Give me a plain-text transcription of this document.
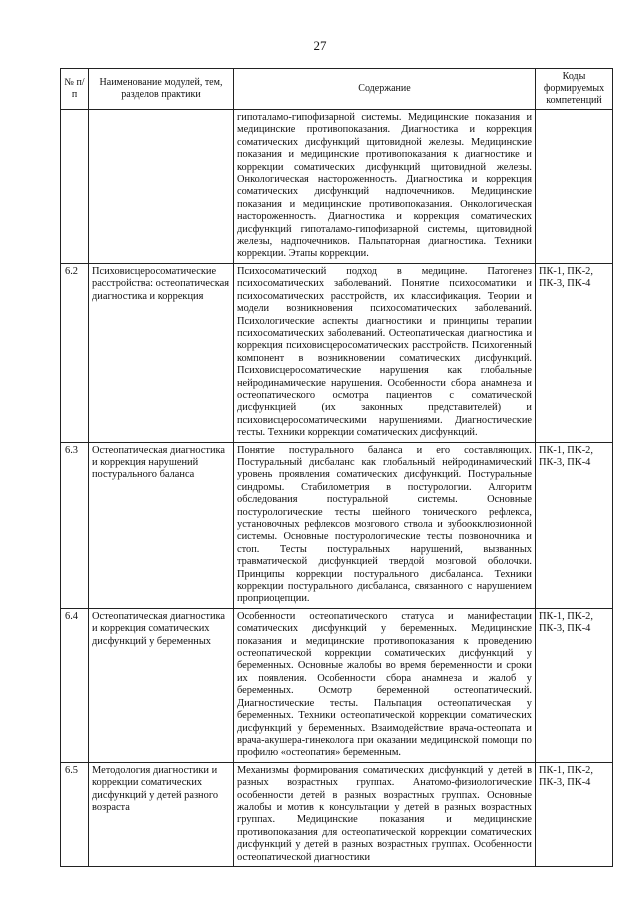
27
№ п/п	Наименование модулей, тем, разделов практики	Содержание	Коды формируемых компетенций
		гипоталамо-гипофизарной системы. Медицинские показания и медицинские противопоказания. Диагностика и коррекция соматических дисфункций щитовидной железы. Медицинские показания и медицинские противопоказания к диагностике и коррекции соматических дисфункций щитовидной железы. Онкологическая настороженность. Диагностика и коррекция соматических дисфункций надпочечников. Медицинские показания и медицинские противопоказания. Онкологическая настороженность. Диагностика и коррекция соматических дисфункций гипоталамо-гипофизарной системы, щитовидной железы, надпочечников. Пальпаторная диагностика. Техники коррекции. Этапы коррекции.	
6.2	Психовисцеросоматические расстройства: остеопатическая диагностика и коррекция	Психосоматический подход в медицине. Патогенез психосоматических заболеваний. Понятие психосоматики и психосоматических расстройств, их классификация. Теории и модели возникновения психосоматических заболеваний. Психологические аспекты диагностики и принципы терапии психосоматических заболеваний. Остеопатическая диагностика и коррекция психовисцеросоматических расстройств. Психогенный компонент в возникновении соматических дисфункций. Психовисцеросоматические нарушения как глобальные нейродинамические нарушения. Особенности сбора анамнеза и остеопатического осмотра пациентов с соматической дисфункцией (их законных представителей) и психовисцеросоматическими нарушениями. Диагностические тесты. Техники коррекции соматических дисфункций.	ПК-1, ПК-2, ПК-3, ПК-4
6.3	Остеопатическая диагностика и коррекция нарушений постурального баланса	Понятие постурального баланса и его составляющих. Постуральный дисбаланс как глобальный нейродинамический уровень проявления соматических дисфункций. Постуральные синдромы. Стабилометрия в постурологии. Алгоритм обследования постуральной системы. Основные постурологические тесты шейного тонического рефлекса, установочных рефлексов мозгового ствола и зубоокклюзионной системы. Основные постурологические тесты позвоночника и стоп. Тесты постуральных нарушений, вызванных травматической дисфункцией твердой мозговой оболочки. Принципы коррекции постурального дисбаланса. Техники коррекции постурального дисбаланса, связанного с нарушением проприоцепции.	ПК-1, ПК-2, ПК-3, ПК-4
6.4	Остеопатическая диагностика и коррекция соматических дисфункций у беременных	Особенности остеопатического статуса и манифестации соматических дисфункций у беременных. Медицинские показания и медицинские противопоказания к проведению остеопатической коррекции соматических дисфункций у беременных. Основные жалобы во время беременности и сроки их появления. Особенности сбора анамнеза и жалоб у беременных. Осмотр беременной остеопатический. Диагностические тесты. Пальпация остеопатическая у беременных. Техники остеопатической коррекции соматических дисфункций у беременных. Взаимодействие врача-остеопата и врача-акушера-гинеколога при оказании медицинской помощи по профилю «остеопатия» беременным.	ПК-1, ПК-2, ПК-3, ПК-4
6.5	Методология диагностики и коррекции соматических дисфункций у детей разного возраста	Механизмы формирования соматических дисфункций у детей в разных возрастных группах. Анатомо-физиологические особенности детей в разных возрастных группах. Основные жалобы и мотив к консультации у детей в разных возрастных группах. Медицинские показания и медицинские противопоказания для остеопатической коррекции соматических дисфункций у детей в разных возрастных группах. Особенности остеопатической диагностики	ПК-1, ПК-2, ПК-3, ПК-4
